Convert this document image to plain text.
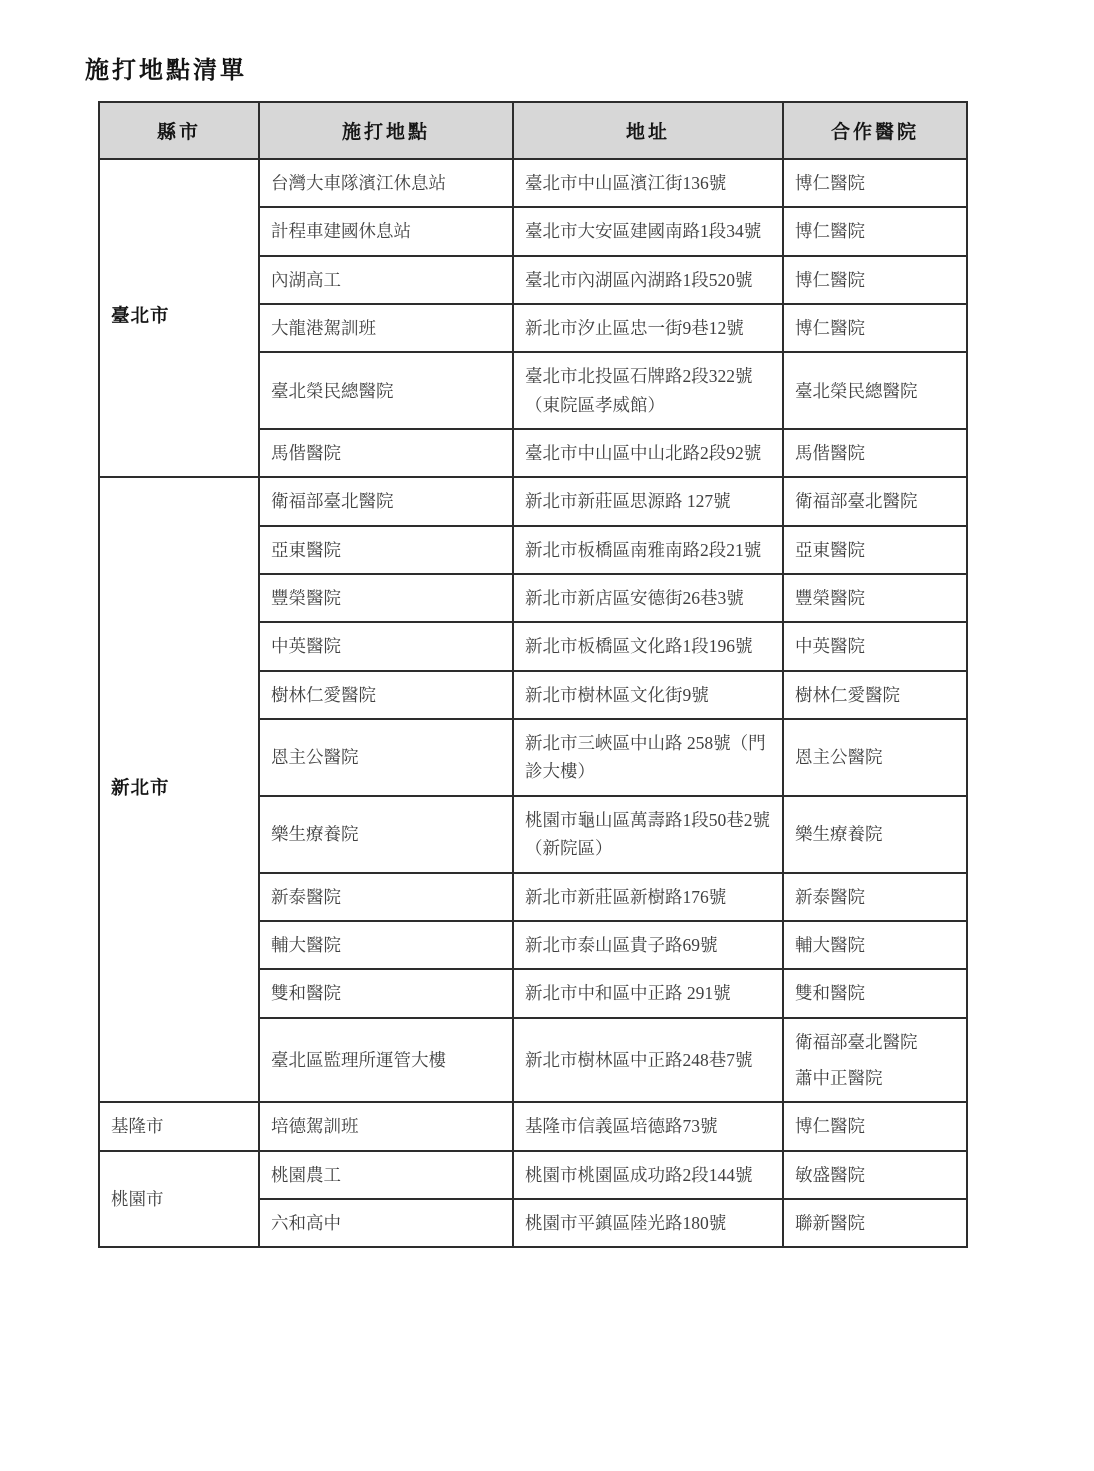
施打地點清單
縣市	施打地點	地址	合作醫院
臺北市	台灣大車隊濱江休息站	臺北市中山區濱江街136號	博仁醫院

	計程車建國休息站	臺北市大安區建國南路1段34號	博仁醫院

	內湖高工	臺北市內湖區內湖路1段520號	博仁醫院

	大龍港駕訓班	新北市汐止區忠一街9巷12號	博仁醫院

	臺北榮民總醫院	臺北市北投區石牌路2段322號（東院區孝威館）	臺北榮民總醫院

	馬偕醫院	臺北市中山區中山北路2段92號	馬偕醫院

新北市	衛福部臺北醫院	新北市新莊區思源路 127號	衛福部臺北醫院

	亞東醫院	新北市板橋區南雅南路2段21號	亞東醫院

	豐榮醫院	新北市新店區安德街26巷3號	豐榮醫院

	中英醫院	新北市板橋區文化路1段196號	中英醫院

	樹林仁愛醫院	新北市樹林區文化街9號	樹林仁愛醫院

	恩主公醫院	新北市三峽區中山路 258號（門診大樓）	恩主公醫院

	樂生療養院	桃園市龜山區萬壽路1段50巷2號（新院區）	樂生療養院

	新泰醫院	新北市新莊區新樹路176號	新泰醫院

	輔大醫院	新北市泰山區貴子路69號	輔大醫院

	雙和醫院	新北市中和區中正路 291號	雙和醫院

	臺北區監理所運管大樓	新北市樹林區中正路248巷7號	衛福部臺北醫院
蕭中正醫院

基隆市	培德駕訓班	基隆市信義區培德路73號	博仁醫院

桃園市	桃園農工	桃園市桃園區成功路2段144號	敏盛醫院

	六和高中	桃園市平鎮區陸光路180號	聯新醫院
